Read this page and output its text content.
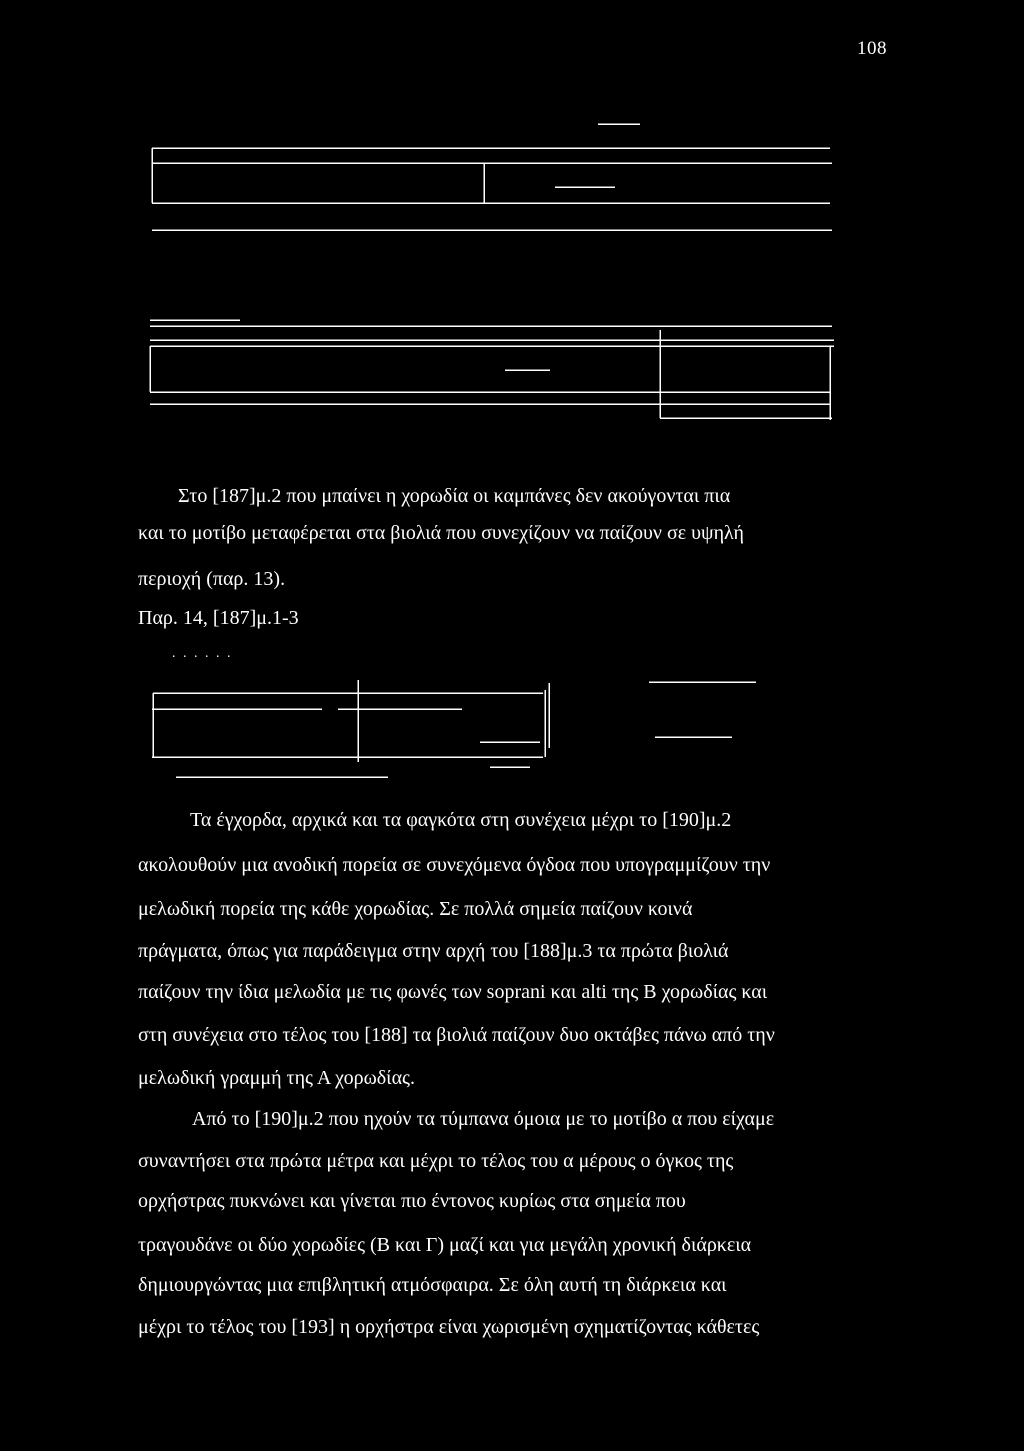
108
Στο [187]μ.2 που μπαίνει η χορωδία οι καμπάνες δεν ακούγονται πια
και το μοτίβο μεταφέρεται στα βιολιά που συνεχίζουν να παίζουν σε υψηλή
περιοχή (παρ. 13).
Παρ. 14, [187]μ.1-3
. . . . . .
Τα έγχορδα, αρχικά και τα φαγκότα στη συνέχεια μέχρι το [190]μ.2
ακολουθούν μια ανοδική πορεία σε συνεχόμενα όγδοα που υπογραμμίζουν την
μελωδική πορεία της κάθε χορωδίας. Σε πολλά σημεία παίζουν κοινά
πράγματα, όπως για παράδειγμα στην αρχή του [188]μ.3 τα πρώτα βιολιά
παίζουν την ίδια μελωδία με τις φωνές των soprani και alti της Β χορωδίας και
στη συνέχεια στο τέλος του [188] τα βιολιά παίζουν δυο οκτάβες πάνω από την
μελωδική γραμμή της Α χορωδίας.
Από το [190]μ.2 που ηχούν τα τύμπανα όμοια με το μοτίβο α που είχαμε
συναντήσει στα πρώτα μέτρα και μέχρι το τέλος του α μέρους ο όγκος της
ορχήστρας πυκνώνει και γίνεται πιο έντονος κυρίως στα σημεία που
τραγουδάνε οι δύο χορωδίες (Β και Γ) μαζί και για μεγάλη χρονική διάρκεια
δημιουργώντας μια επιβλητική ατμόσφαιρα. Σε όλη αυτή τη διάρκεια και
μέχρι το τέλος του [193] η ορχήστρα είναι χωρισμένη σχηματίζοντας κάθετες
